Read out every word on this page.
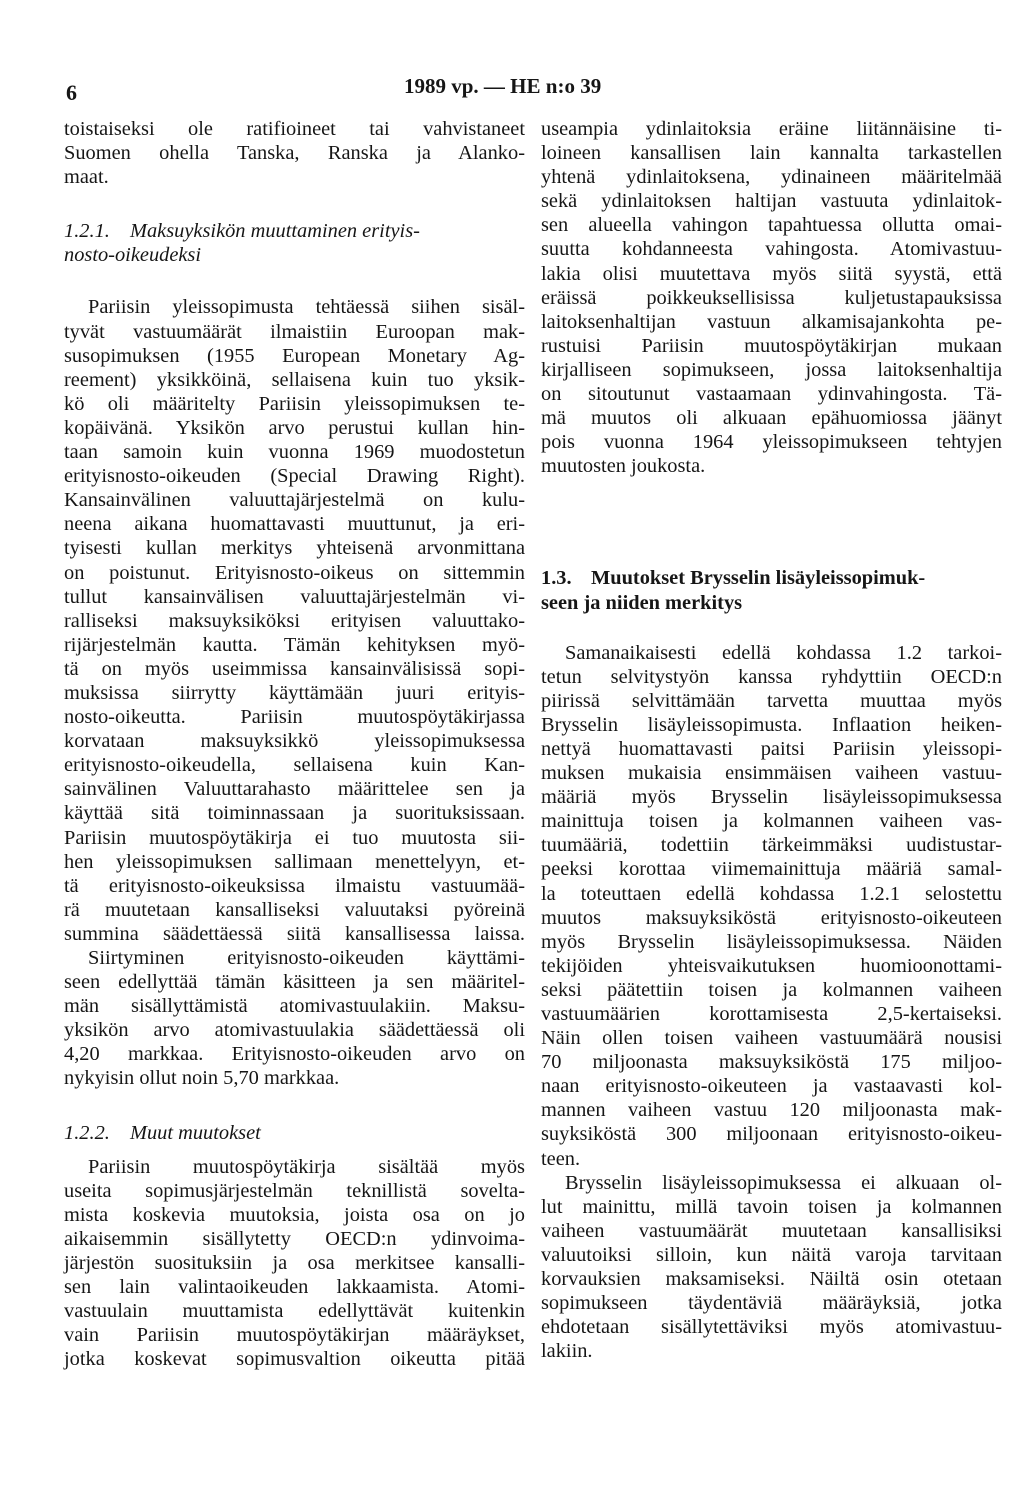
6	1989 vp. — HE n:o 39
toistaiseksi ole ratifioineet tai vahvistaneet
Suomen ohella Tanska, Ranska ja Alanko-
maat.
1.2.1. Maksuyksikön muuttaminen erityis-
nosto-oikeudeksi
Pariisin yleissopimusta tehtäessä siihen sisäl-
tyvät vastuumäärät ilmaistiin Euroopan mak-
susopimuksen (1955 European Monetary Ag-
reement) yksikköinä, sellaisena kuin tuo yksik-
kö oli määritelty Pariisin yleissopimuksen te-
kopäivänä. Yksikön arvo perustui kullan hin-
taan samoin kuin vuonna 1969 muodostetun
erityisnosto-oikeuden (Special Drawing Right).
Kansainvälinen valuuttajärjestelmä on kulu-
neena aikana huomattavasti muuttunut, ja eri-
tyisesti kullan merkitys yhteisenä arvonmittana
on poistunut. Erityisnosto-oikeus on sittemmin
tullut kansainvälisen valuuttajärjestelmän vi-
ralliseksi maksuyksiköksi erityisen valuuttako-
rijärjestelmän kautta. Tämän kehityksen myö-
tä on myös useimmissa kansainvälisissä sopi-
muksissa siirrytty käyttämään juuri erityis-
nosto-oikeutta. Pariisin muutospöytäkirjassa
korvataan maksuyksikkö yleissopimuksessa
erityisnosto-oikeudella, sellaisena kuin Kan-
sainvälinen Valuuttarahasto määrittelee sen ja
käyttää sitä toiminnassaan ja suorituksissaan.
Pariisin muutospöytäkirja ei tuo muutosta sii-
hen yleissopimuksen sallimaan menettelyyn, et-
tä erityisnosto-oikeuksissa ilmaistu vastuumää-
rä muutetaan kansalliseksi valuutaksi pyöreinä
summina säädettäessä siitä kansallisessa laissa.
Siirtyminen erityisnosto-oikeuden käyttämi-
seen edellyttää tämän käsitteen ja sen määritel-
män sisällyttämistä atomivastuulakiin. Maksu-
yksikön arvo atomivastuulakia säädettäessä oli
4,20 markkaa. Erityisnosto-oikeuden arvo on
nykyisin ollut noin 5,70 markkaa.
1.2.2. Muut muutokset
Pariisin muutospöytäkirja sisältää myös
useita sopimusjärjestelmän teknillistä soveltа-
mista koskevia muutoksia, joista osa on jo
aikaisemmin sisällytetty OECD:n ydinvoima-
järjestön suosituksiin ja osa merkitsee kansalli-
sen lain valintaoikeuden lakkaamista. Atomi-
vastuulain muuttamista edellyttävät kuitenkin
vain Pariisin muutospöytäkirjan määräykset,
jotka koskevat sopimusvaltion oikeutta pitää
useampia ydinlaitoksia eräine liitännäisine ti-
loineen kansallisen lain kannalta tarkastellen
yhtenä ydinlaitoksena, ydinaineen määritelmää
sekä ydinlaitoksen haltijan vastuuta ydinlaitok-
sen alueella vahingon tapahtuessa ollutta omai-
suutta kohdanneesta vahingosta. Atomivastuu-
lakia olisi muutettava myös siitä syystä, että
eräissä poikkeuksellisissa kuljetustapauksissa
laitoksenhaltijan vastuun alkamisajankohta pe-
rustuisi Pariisin muutospöytäkirjan mukaan
kirjalliseen sopimukseen, jossa laitoksenhaltija
on sitoutunut vastaamaan ydinvahingosta. Tä-
mä muutos oli alkuaan epähuomiossa jäänyt
pois vuonna 1964 yleissopimukseen tehtyjen
muutosten joukosta.
1.3. Muutokset Brysselin lisäyleissopimuk-
seen ja niiden merkitys
Samanaikaisesti edellä kohdassa 1.2 tarkoi-
tetun selvitystyön kanssa ryhdyttiin OECD:n
piirissä selvittämään tarvetta muuttaa myös
Brysselin lisäyleissopimusta. Inflaation heiken-
nettyä huomattavasti paitsi Pariisin yleissopi-
muksen mukaisia ensimmäisen vaiheen vastuu-
määriä myös Brysselin lisäyleissopimuksessa
mainittuja toisen ja kolmannen vaiheen vas-
tuumääriä, todettiin tärkeimmäksi uudistustar-
peeksi korottaa viimemainittuja määriä samal-
la toteuttaen edellä kohdassa 1.2.1 selostettu
muutos maksuyksiköstä erityisnosto-oikeuteen
myös Brysselin lisäyleissopimuksessa. Näiden
tekijöiden yhteisvaikutuksen huomioonottami-
seksi päätettiin toisen ja kolmannen vaiheen
vastuumäärien korottamisesta 2,5-kertaiseksi.
Näin ollen toisen vaiheen vastuumäärä nousisi
70 miljoonasta maksuyksiköstä 175 miljoo-
naan erityisnosto-oikeuteen ja vastaavasti kol-
mannen vaiheen vastuu 120 miljoonasta mak-
suyksiköstä 300 miljoonaan erityisnosto-oikeu-
teen.
Brysselin lisäyleissopimuksessa ei alkuaan ol-
lut mainittu, millä tavoin toisen ja kolmannen
vaiheen vastuumäärät muutetaan kansallisiksi
valuutoiksi silloin, kun näitä varoja tarvitaan
korvauksien maksamiseksi. Näiltä osin otetaan
sopimukseen täydentäviä määräyksiä, jotka
ehdotetaan sisällytettäviksi myös atomivastuu-
lakiin.
